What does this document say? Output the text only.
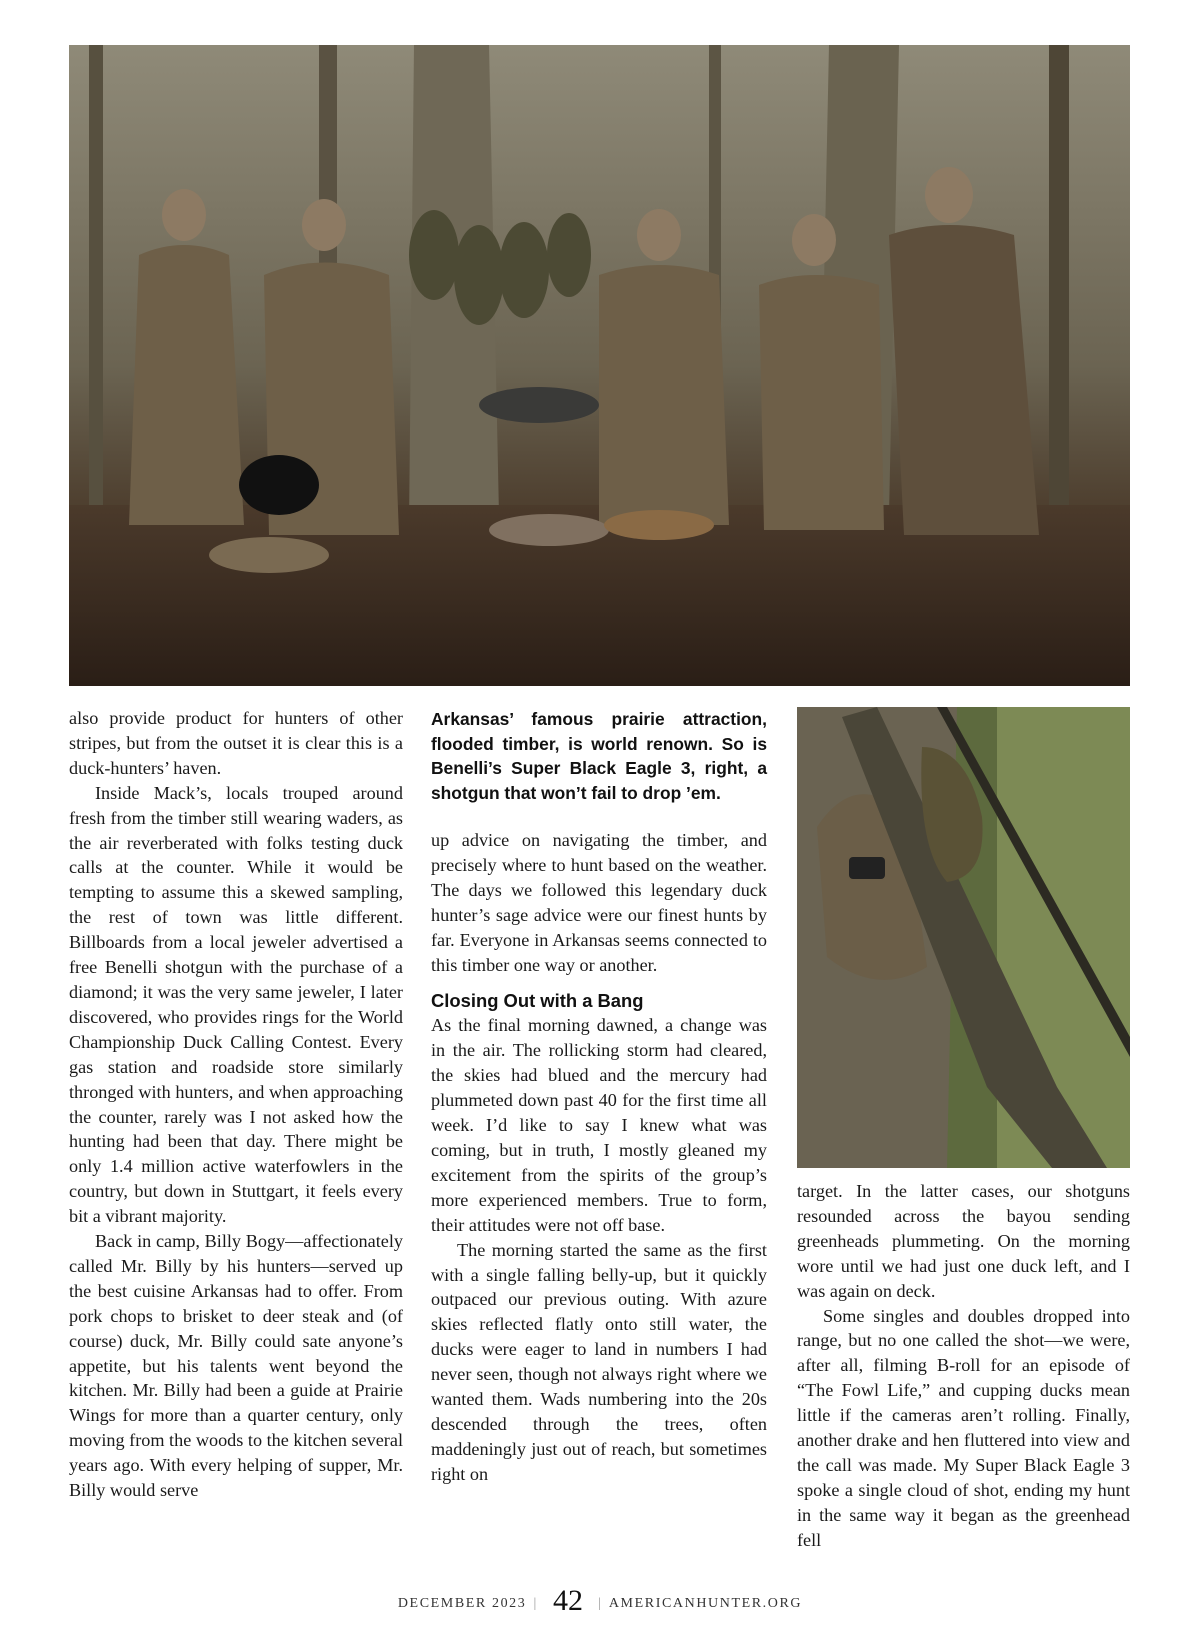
also provide product for hunters of other stripes, but from the outset it is clear this is a duck-hunters’ haven.

Inside Mack’s, locals trouped around fresh from the timber still wearing waders, as the air reverberated with folks testing duck calls at the counter. While it would be tempting to assume this a skewed sampling, the rest of town was little different. Billboards from a local jeweler advertised a free Benelli shotgun with the purchase of a diamond; it was the very same jeweler, I later discovered, who provides rings for the World Championship Duck Calling Contest. Every gas station and roadside store similarly thronged with hunters, and when approaching the counter, rarely was I not asked how the hunting had been that day. There might be only 1.4 million active waterfowlers in the country, but down in Stuttgart, it feels every bit a vibrant majority.

Back in camp, Billy Bogy—affectionately called Mr. Billy by his hunters—served up the best cuisine Arkansas had to offer. From pork chops to brisket to deer steak and (of course) duck, Mr. Billy could sate anyone’s appetite, but his talents went beyond the kitchen. Mr. Billy had been a guide at Prairie Wings for more than a quarter century, only moving from the woods to the kitchen several years ago. With every helping of supper, Mr. Billy would serve

Arkansas’ famous prairie attraction, flooded timber, is world renown. So is Benelli’s Super Black Eagle 3, right, a shotgun that won’t fail to drop ’em.

up advice on navigating the timber, and precisely where to hunt based on the weather. The days we followed this legendary duck hunter’s sage advice were our finest hunts by far. Everyone in Arkansas seems connected to this timber one way or another.

Closing Out with a Bang

As the final morning dawned, a change was in the air. The rollicking storm had cleared, the skies had blued and the mercury had plummeted down past 40 for the first time all week. I’d like to say I knew what was coming, but in truth, I mostly gleaned my excitement from the spirits of the group’s more experienced members. True to form, their attitudes were not off base.

The morning started the same as the first with a single falling belly-up, but it quickly outpaced our previous outing. With azure skies reflected flatly onto still water, the ducks were eager to land in numbers I had never seen, though not always right where we wanted them. Wads numbering into the 20s descended through the trees, often maddeningly just out of reach, but sometimes right on

target. In the latter cases, our shotguns resounded across the bayou sending greenheads plummeting. On the morning wore until we had just one duck left, and I was again on deck.

Some singles and doubles dropped into range, but no one called the shot—we were, after all, filming B-roll for an episode of “The Fowl Life,” and cupping ducks mean little if the cameras aren’t rolling. Finally, another drake and hen fluttered into view and the call was made. My Super Black Eagle 3 spoke a single cloud of shot, ending my hunt in the same way it began as the greenhead fell

DECEMBER 2023 | 42 | AMERICANHUNTER.ORG
